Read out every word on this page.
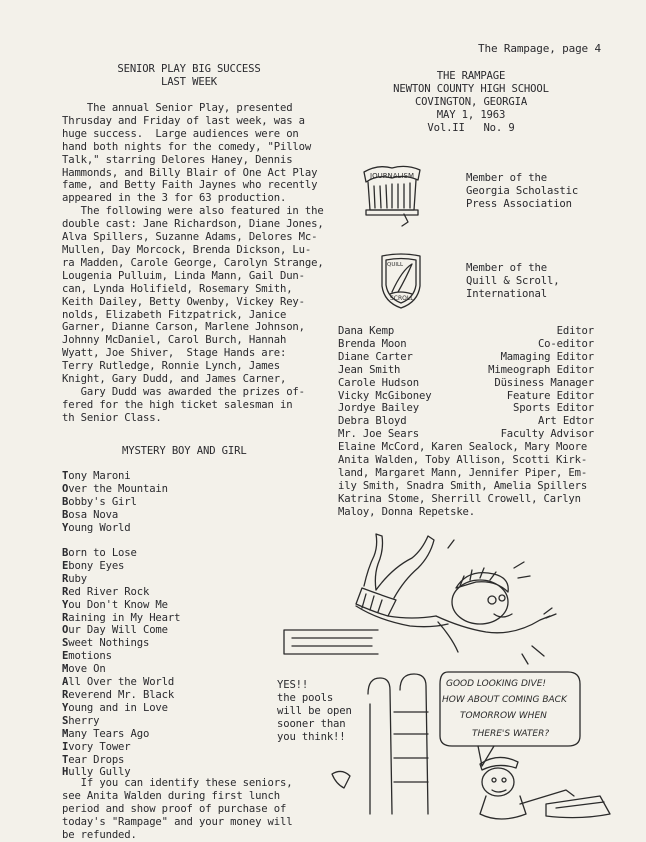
The Rampage, page 4
SENIOR PLAY BIG SUCCESS
LAST WEEK
The annual Senior Play, presented
Thrusday and Friday of last week, was a
huge success.  Large audiences were on
hand both nights for the comedy, "Pillow
Talk," starring Delores Haney, Dennis
Hammonds, and Billy Blair of One Act Play
fame, and Betty Faith Jaynes who recently
appeared in the 3 for 63 production.
The following were also featured in the
double cast: Jane Richardson, Diane Jones,
Alva Spillers, Suzanne Adams, Delores Mc-
Mullen, Day Morcock, Brenda Dickson, Lu-
ra Madden, Carole George, Carolyn Strange,
Lougenia Pulluim, Linda Mann, Gail Dun-
can, Lynda Holifield, Rosemary Smith,
Keith Dailey, Betty Owenby, Vickey Rey-
nolds, Elizabeth Fitzpatrick, Janice
Garner, Dianne Carson, Marlene Johnson,
Johnny McDaniel, Carol Burch, Hannah
Wyatt, Joe Shiver,  Stage Hands are:
Terry Rutledge, Ronnie Lynch, James
Knight, Gary Dudd, and James Carner,
Gary Dudd was awarded the prizes of-
fered for the high ticket salesman in
th Senior Class.
MYSTERY BOY AND GIRL
Tony Maroni
Over the Mountain
Bobby's Girl
Bosa Nova
Young World
Born to Lose
Ebony Eyes
Ruby
Red River Rock
You Don't Know Me
Raining in My Heart
Our Day Will Come
Sweet Nothings
Emotions
Move On
All Over the World
Reverend Mr. Black
Young and in Love
Sherry
Many Tears Ago
Ivory Tower
Tear Drops
Hully Gully
If you can identify these seniors,
see Anita Walden during first lunch
period and show proof of purchase of
today's "Rampage" and your money will
be refunded.
THE RAMPAGE
NEWTON COUNTY HIGH SCHOOL
COVINGTON, GEORGIA
MAY 1, 1963
Vol.II   No. 9
JOURNALISM	Member of the
Georgia Scholastic
Press Association
QUILL
SCROLL
Member of the
Quill & Scroll,
International
Dana Kemp	Editor
Brenda Moon	Co-editor
Diane Carter	Mamaging Editor
Jean Smith	Mimeograph Editor
Carole Hudson	Düsiness Manager
Vicky McGiboney	Feature Editor
Jordye Bailey	Sports Editor
Debra Bloyd	Art Edtor
Mr. Joe Sears	Faculty Advisor
Elaine McCord, Karen Sealock, Mary Moore
Anita Walden, Toby Allison, Scotti Kirk-
land, Margaret Mann, Jennifer Piper, Em-
ily Smith, Snadra Smith, Amelia Spillers
Katrina Stome, Sherrill Crowell, Carlyn
Maloy, Donna Repetske.
YES!!
the pools
will be open
sooner than
you think!!
GOOD LOOKING DIVE!
HOW ABOUT COMING BACK
TOMORROW WHEN
THERE'S WATER?
